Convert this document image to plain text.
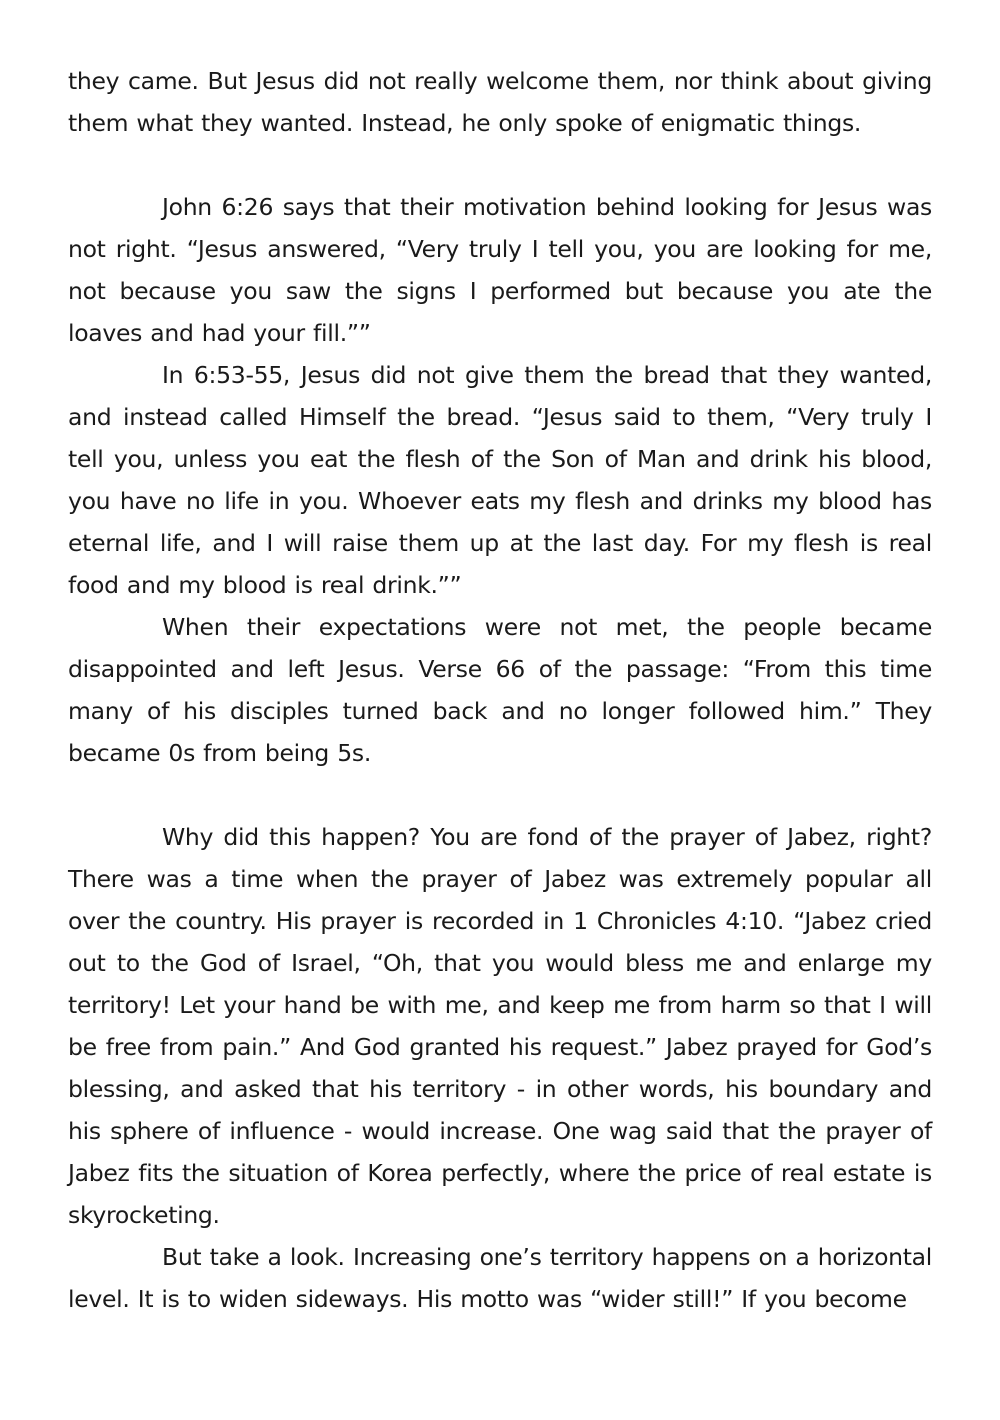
they came. But Jesus did not really welcome them, nor think about giving them what they wanted. Instead, he only spoke of enigmatic things.

John 6:26 says that their motivation behind looking for Jesus was not right. “Jesus answered, “Very truly I tell you, you are looking for me, not because you saw the signs I performed but because you ate the loaves and had your fill.””

In 6:53-55, Jesus did not give them the bread that they wanted, and instead called Himself the bread. “Jesus said to them, “Very truly I tell you, unless you eat the flesh of the Son of Man and drink his blood, you have no life in you. Whoever eats my flesh and drinks my blood has eternal life, and I will raise them up at the last day. For my flesh is real food and my blood is real drink.””

When their expectations were not met, the people became disappointed and left Jesus. Verse 66 of the passage: “From this time many of his disciples turned back and no longer followed him.” They became 0s from being 5s.

Why did this happen? You are fond of the prayer of Jabez, right? There was a time when the prayer of Jabez was extremely popular all over the country. His prayer is recorded in 1 Chronicles 4:10. “Jabez cried out to the God of Israel, “Oh, that you would bless me and enlarge my territory! Let your hand be with me, and keep me from harm so that I will be free from pain.” And God granted his request.” Jabez prayed for God’s blessing, and asked that his territory - in other words, his boundary and his sphere of influence - would increase. One wag said that the prayer of Jabez fits the situation of Korea perfectly, where the price of real estate is skyrocketing.

But take a look. Increasing one’s territory happens on a horizontal level. It is to widen sideways. His motto was “wider still!” If you become
